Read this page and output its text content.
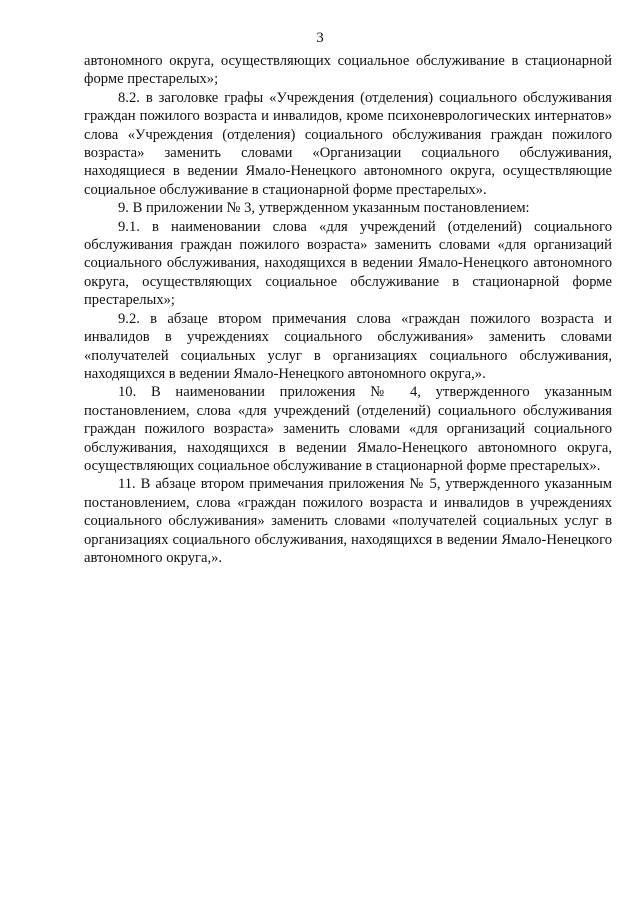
3

автономного округа, осуществляющих социальное обслуживание в стационарной форме престарелых»;

8.2. в заголовке графы «Учреждения (отделения) социального обслуживания граждан пожилого возраста и инвалидов, кроме психоневрологических интернатов» слова «Учреждения (отделения) социального обслуживания граждан пожилого возраста» заменить словами «Организации социального обслуживания, находящиеся в ведении Ямало-Ненецкого автономного округа, осуществляющие социальное обслуживание в стационарной форме престарелых».

9. В приложении № 3, утвержденном указанным постановлением:

9.1. в наименовании слова «для учреждений (отделений) социального обслуживания граждан пожилого возраста» заменить словами «для организаций социального обслуживания, находящихся в ведении Ямало-Ненецкого автономного округа, осуществляющих социальное обслуживание в стационарной форме престарелых»;

9.2. в абзаце втором примечания слова «граждан пожилого возраста и инвалидов в учреждениях социального обслуживания» заменить словами «получателей социальных услуг в организациях социального обслуживания, находящихся в ведении Ямало-Ненецкого автономного округа,».

10. В наименовании приложения № 4, утвержденного указанным постановлением, слова «для учреждений (отделений) социального обслуживания граждан пожилого возраста» заменить словами «для организаций социального обслуживания, находящихся в ведении Ямало-Ненецкого автономного округа, осуществляющих социальное обслуживание в стационарной форме престарелых».

11. В абзаце втором примечания приложения № 5, утвержденного указанным постановлением, слова «граждан пожилого возраста и инвалидов в учреждениях социального обслуживания» заменить словами «получателей социальных услуг в организациях социального обслуживания, находящихся в ведении Ямало-Ненецкого автономного округа,».
